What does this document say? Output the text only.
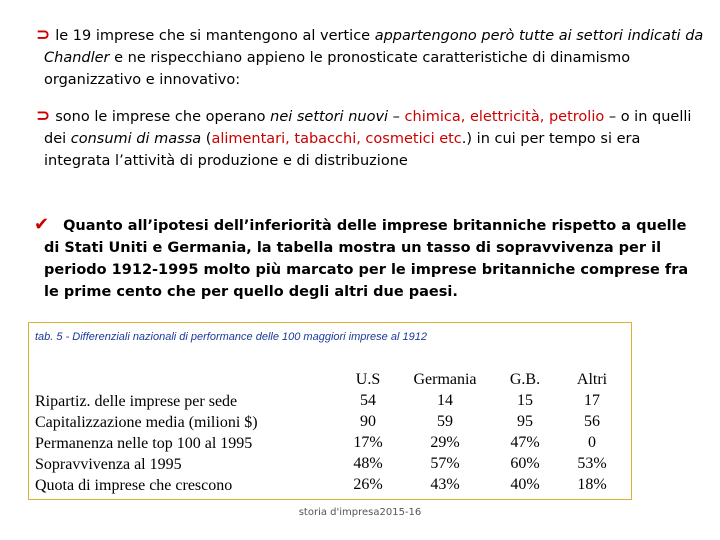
⊃ le 19 imprese che si mantengono al vertice appartengono però tutte ai settori indicati da Chandler e ne rispecchiano appieno le pronosticate caratteristiche di dinamismo organizzativo e innovativo:

⊃ sono le imprese che operano nei settori nuovi – chimica, elettricità, petrolio – o in quelli dei consumi di massa (alimentari, tabacchi, cosmetici etc.) in cui per tempo si era integrata l’attività di produzione e di distribuzione

✔ Quanto all’ipotesi dell’inferiorità delle imprese britanniche rispetto a quelle di Stati Uniti e Germania, la tabella mostra un tasso di sopravvivenza per il periodo 1912-1995 molto più marcato per le imprese britanniche comprese fra le prime cento che per quello degli altri due paesi.

tab. 5 - Differenziali nazionali di performance delle 100 maggiori imprese al 1912
Ripartiz. delle imprese per sede
Capitalizzazione media (milioni $)
Permanenza nelle top 100 al 1995
Sopravvivenza al 1995
Quota di imprese che crescono
U.S
54
90
17%
48%
26%
Germania
14
59
29%
57%
43%
G.B.
15
95
47%
60%
40%
Altri
17
56
0
53%
18%
storia d'impresa2015-16
